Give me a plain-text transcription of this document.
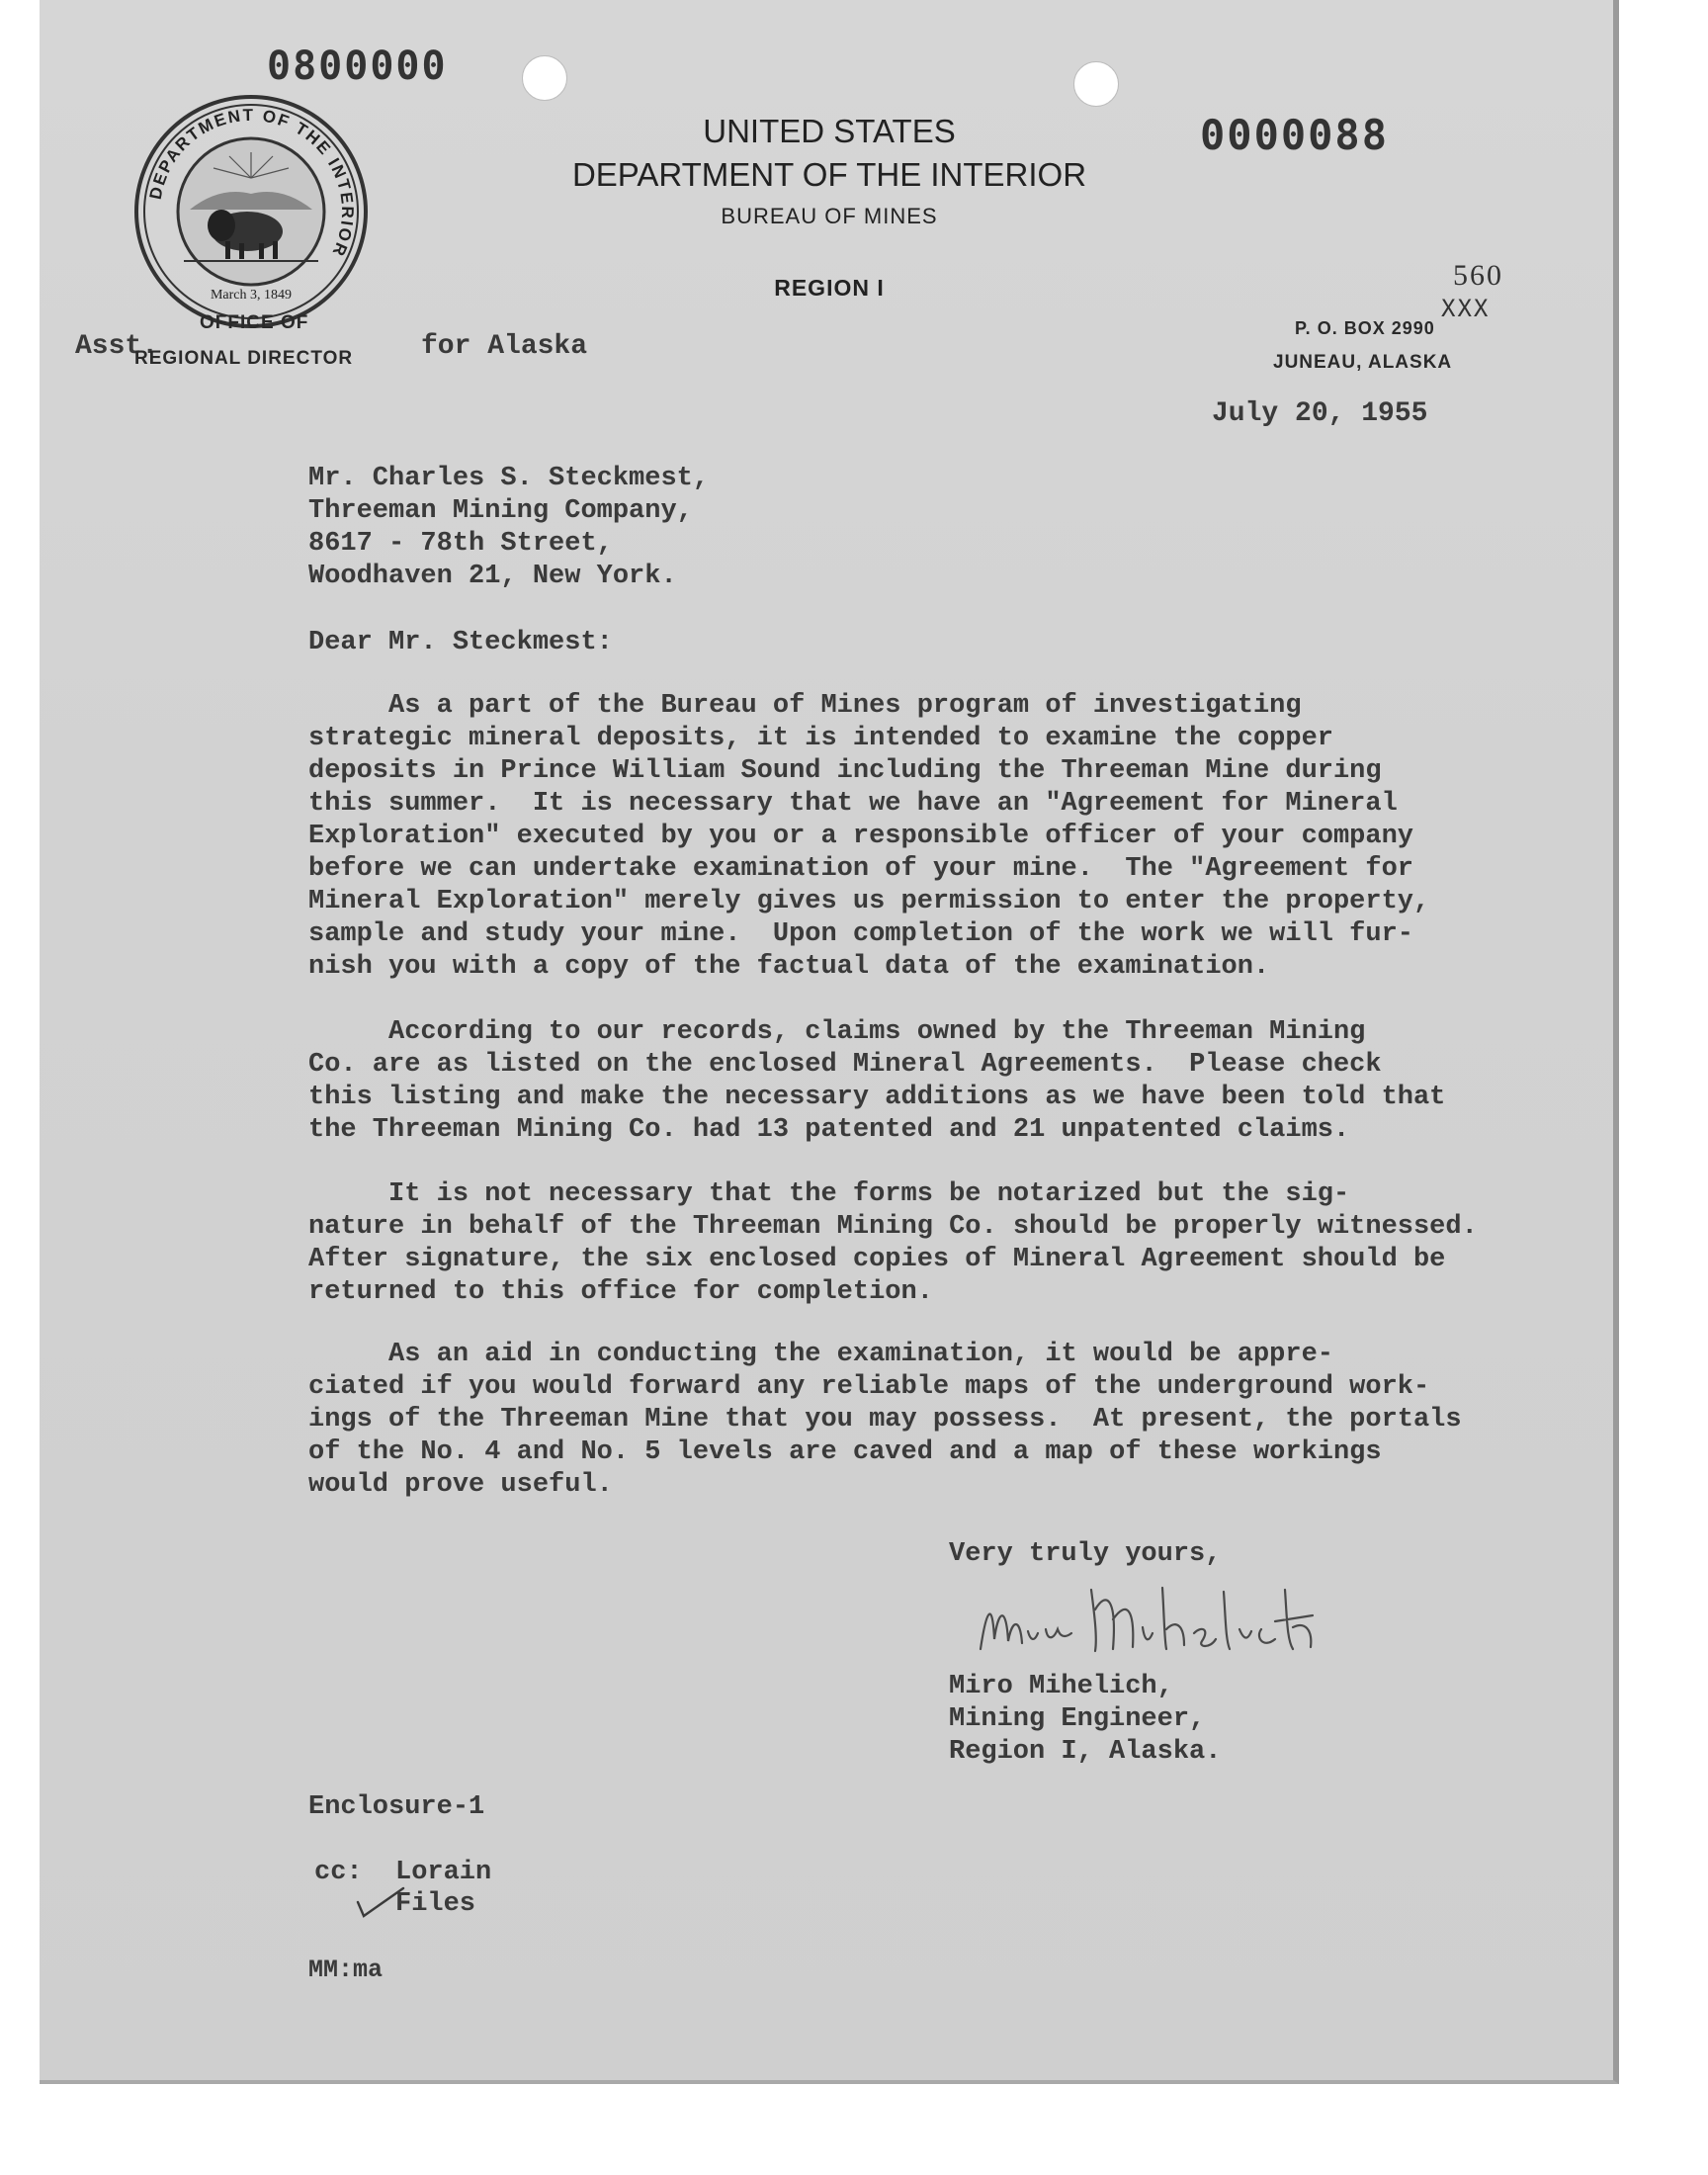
DEPARTMENT OF THE INTERIOR
March 3, 1849
0800000
0000088
560
XXX
UNITED STATES
DEPARTMENT OF THE INTERIOR
BUREAU OF MINES
REGION I
OFFICE OF
Asst.
REGIONAL DIRECTOR for Alaska
P. O. BOX 2990
JUNEAU, ALASKA
July 20, 1955
Mr. Charles S. Steckmest,
Threeman Mining Company,
8617 - 78th Street,
Woodhaven 21, New York.
Dear Mr. Steckmest:
As a part of the Bureau of Mines program of investigating
strategic mineral deposits, it is intended to examine the copper
deposits in Prince William Sound including the Threeman Mine during
this summer.  It is necessary that we have an "Agreement for Mineral
Exploration" executed by you or a responsible officer of your company
before we can undertake examination of your mine.  The "Agreement for
Mineral Exploration" merely gives us permission to enter the property,
sample and study your mine.  Upon completion of the work we will fur-
nish you with a copy of the factual data of the examination.
According to our records, claims owned by the Threeman Mining
Co. are as listed on the enclosed Mineral Agreements.  Please check
this listing and make the necessary additions as we have been told that
the Threeman Mining Co. had 13 patented and 21 unpatented claims.
It is not necessary that the forms be notarized but the sig-
nature in behalf of the Threeman Mining Co. should be properly witnessed.
After signature, the six enclosed copies of Mineral Agreement should be
returned to this office for completion.
As an aid in conducting the examination, it would be appre-
ciated if you would forward any reliable maps of the underground work-
ings of the Threeman Mine that you may possess.  At present, the portals
of the No. 4 and No. 5 levels are caved and a map of these workings
would prove useful.
Very truly yours,
Miro Mihelich,
Mining Engineer,
Region I, Alaska.
Enclosure-1
cc: Lorain
Files
MM:ma
